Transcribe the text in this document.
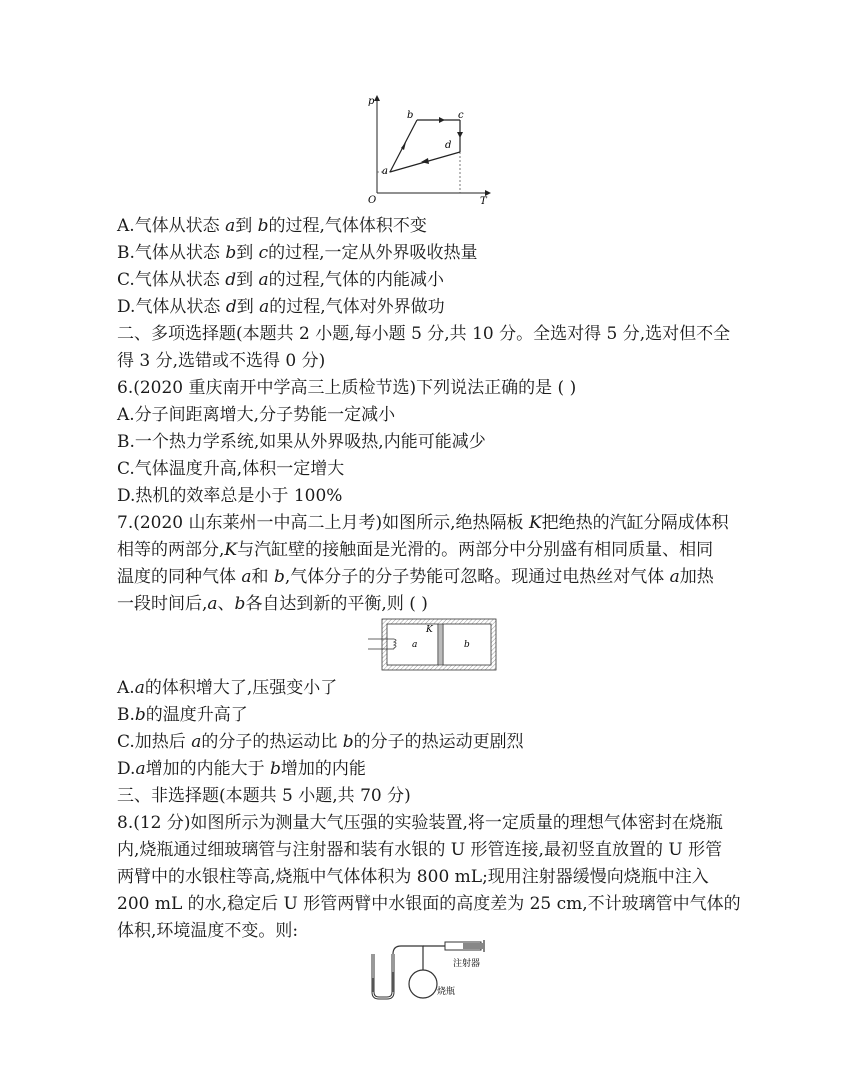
p
T
O
a
b	c
d
A.气体从状态 a到 b的过程,气体体积不变
B.气体从状态 b到 c的过程,一定从外界吸收热量
C.气体从状态 d到 a的过程,气体的内能减小
D.气体从状态 d到 a的过程,气体对外界做功
二、多项选择题(本题共 2 小题,每小题 5 分,共 10 分。全选对得 5 分,选对但不全
得 3 分,选错或不选得 0 分)
6.(2020 重庆南开中学高三上质检节选)下列说法正确的是 ( )
A.分子间距离增大,分子势能一定减小
B.一个热力学系统,如果从外界吸热,内能可能减少
C.气体温度升高,体积一定增大
D.热机的效率总是小于 100%
7.(2020 山东莱州一中高二上月考)如图所示,绝热隔板 K把绝热的汽缸分隔成体积
相等的两部分,K与汽缸壁的接触面是光滑的。两部分中分别盛有相同质量、相同
温度的同种气体 a和 b,气体分子的分子势能可忽略。现通过电热丝对气体 a加热
一段时间后,a、b各自达到新的平衡,则 ( )
K
a	b
A.a的体积增大了,压强变小了
B.b的温度升高了
C.加热后 a的分子的热运动比 b的分子的热运动更剧烈
D.a增加的内能大于 b增加的内能
三、非选择题(本题共 5 小题,共 70 分)
8.(12 分)如图所示为测量大气压强的实验装置,将一定质量的理想气体密封在烧瓶
内,烧瓶通过细玻璃管与注射器和装有水银的 U 形管连接,最初竖直放置的 U 形管
两臂中的水银柱等高,烧瓶中气体体积为 800 mL;现用注射器缓慢向烧瓶中注入
200 mL 的水,稳定后 U 形管两臂中水银面的高度差为 25 cm,不计玻璃管中气体的
体积,环境温度不变。则:
注射器
烧瓶
